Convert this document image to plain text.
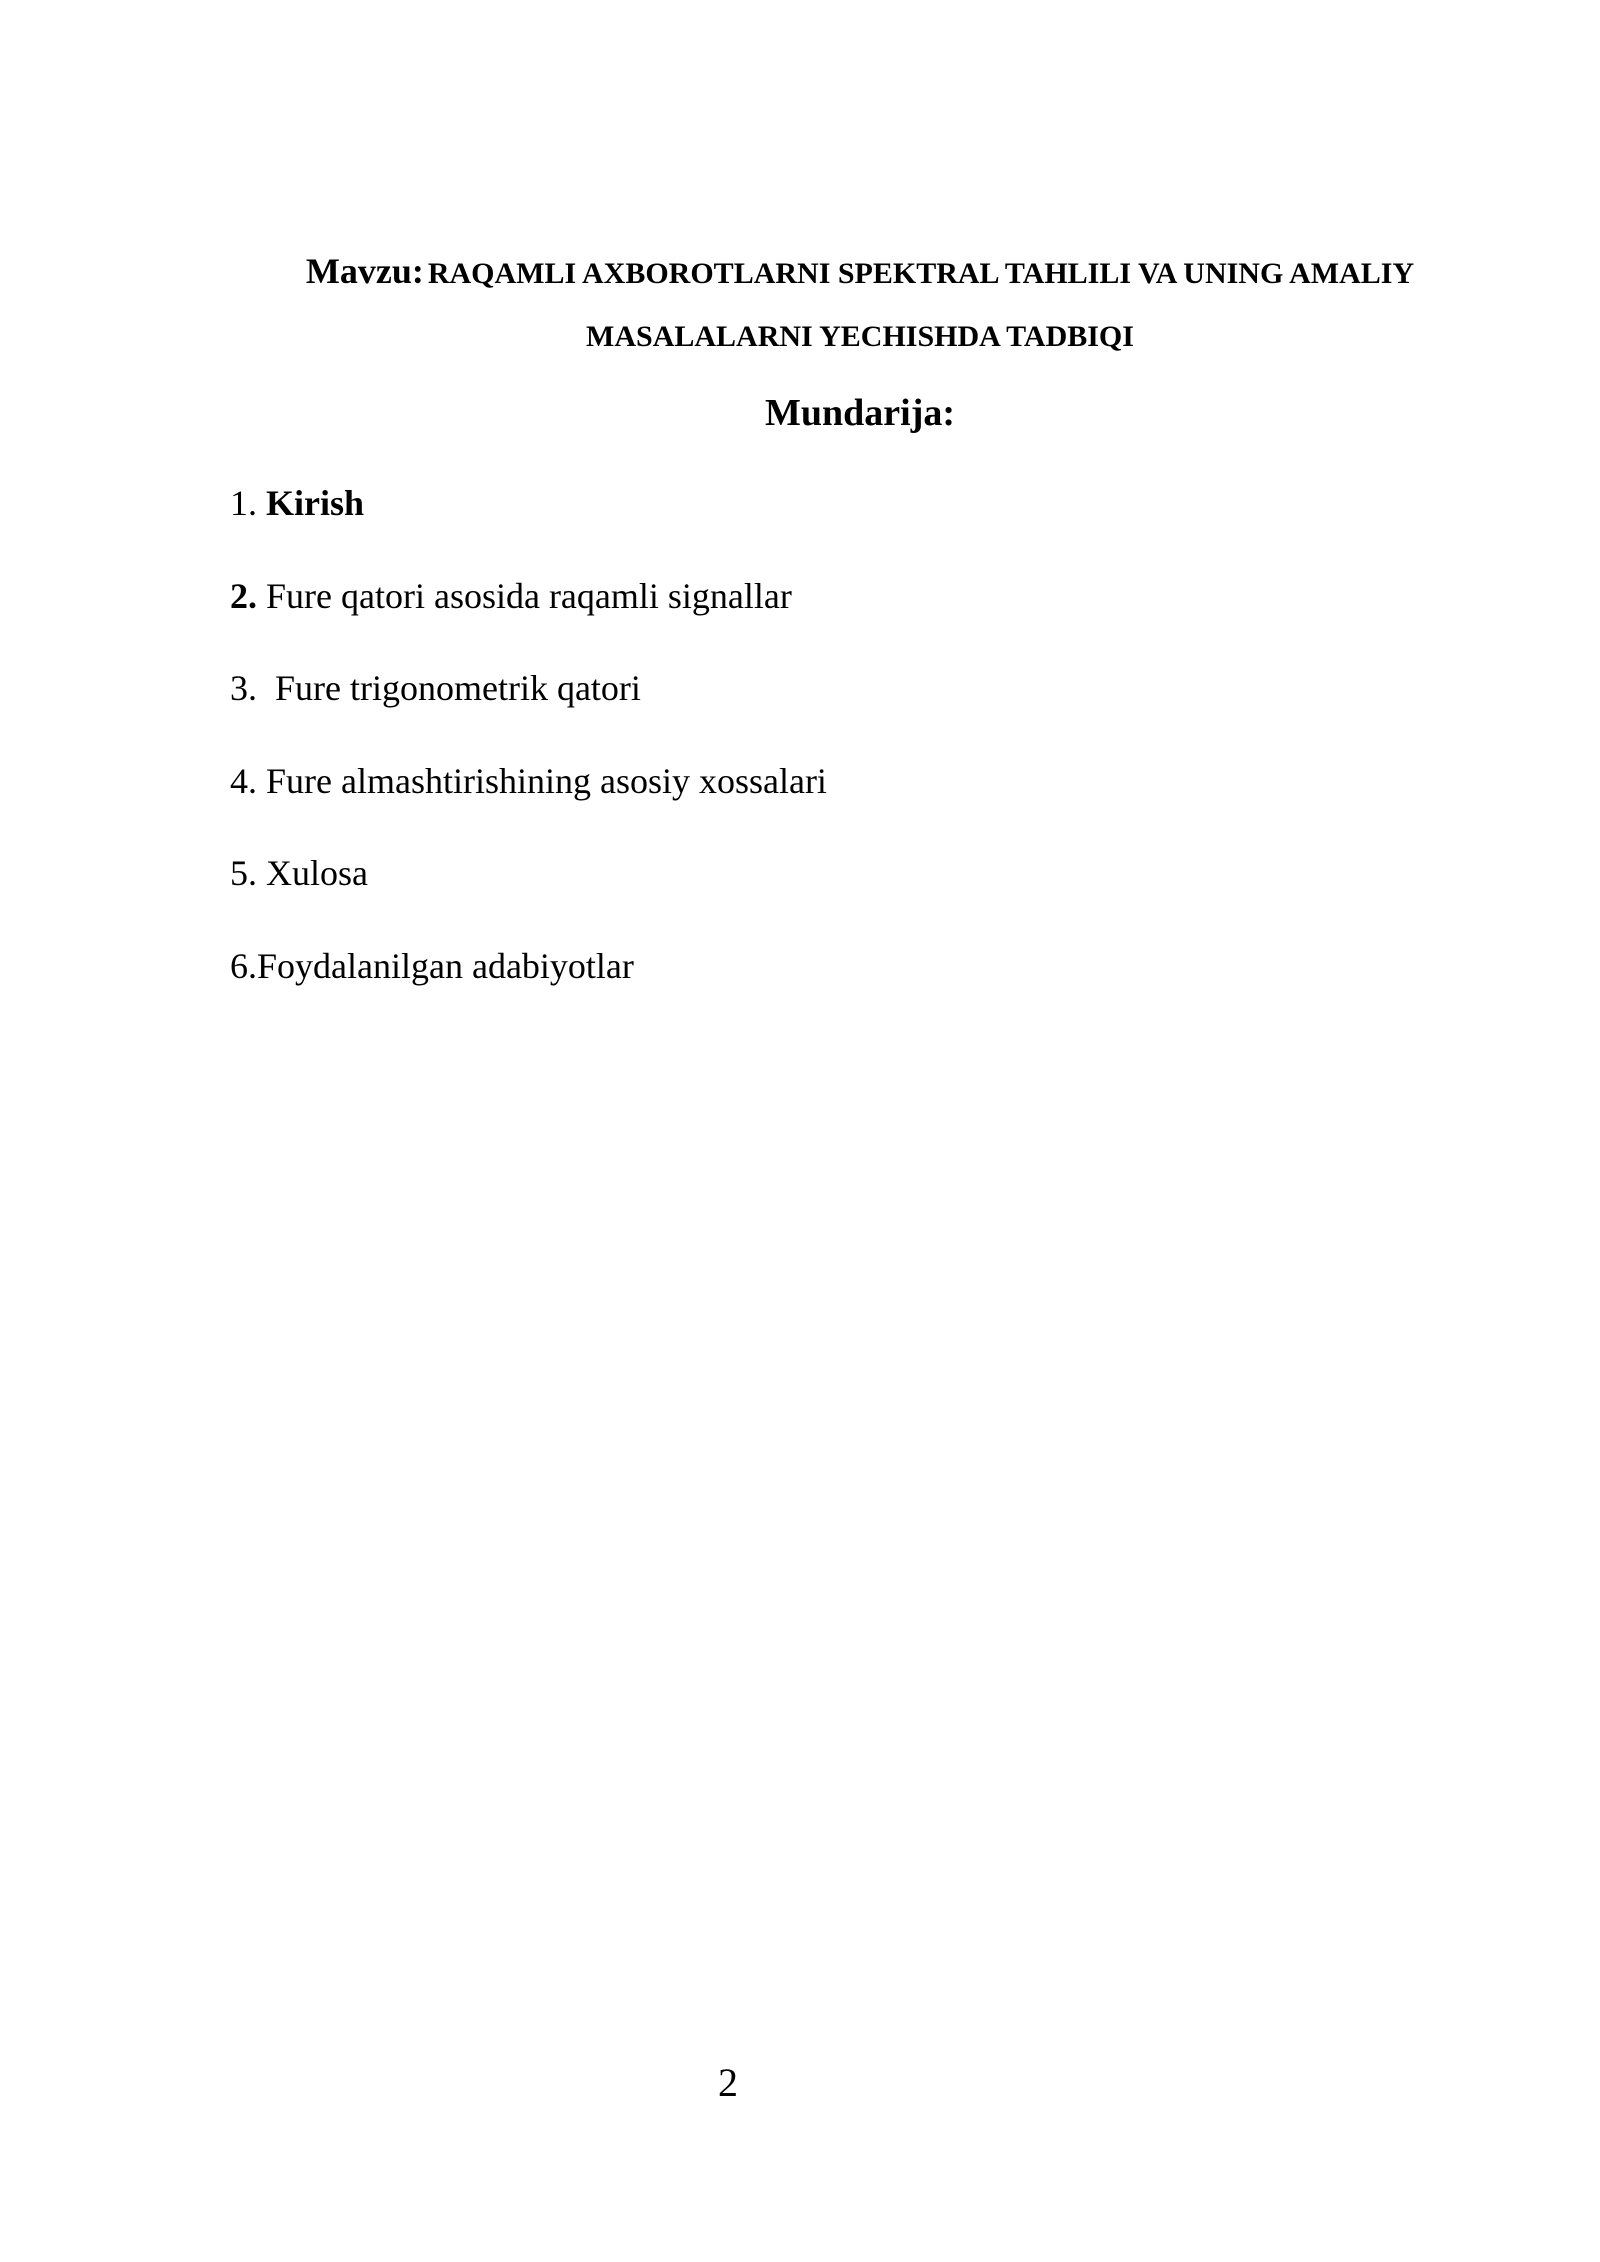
Mavzu: RAQAMLI AXBOROTLARNI SPEKTRAL TAHLILI VA UNING AMALIY
MASALALARNI YECHISHDA TADBIQI
Mundarija:
1. Kirish
2. Fure qatori asosida raqamli signallar
3. Fure trigonometrik qatori
4. Fure almashtirishining asosiy xossalari
5. Xulosa
6.Foydalanilgan adabiyotlar
2
